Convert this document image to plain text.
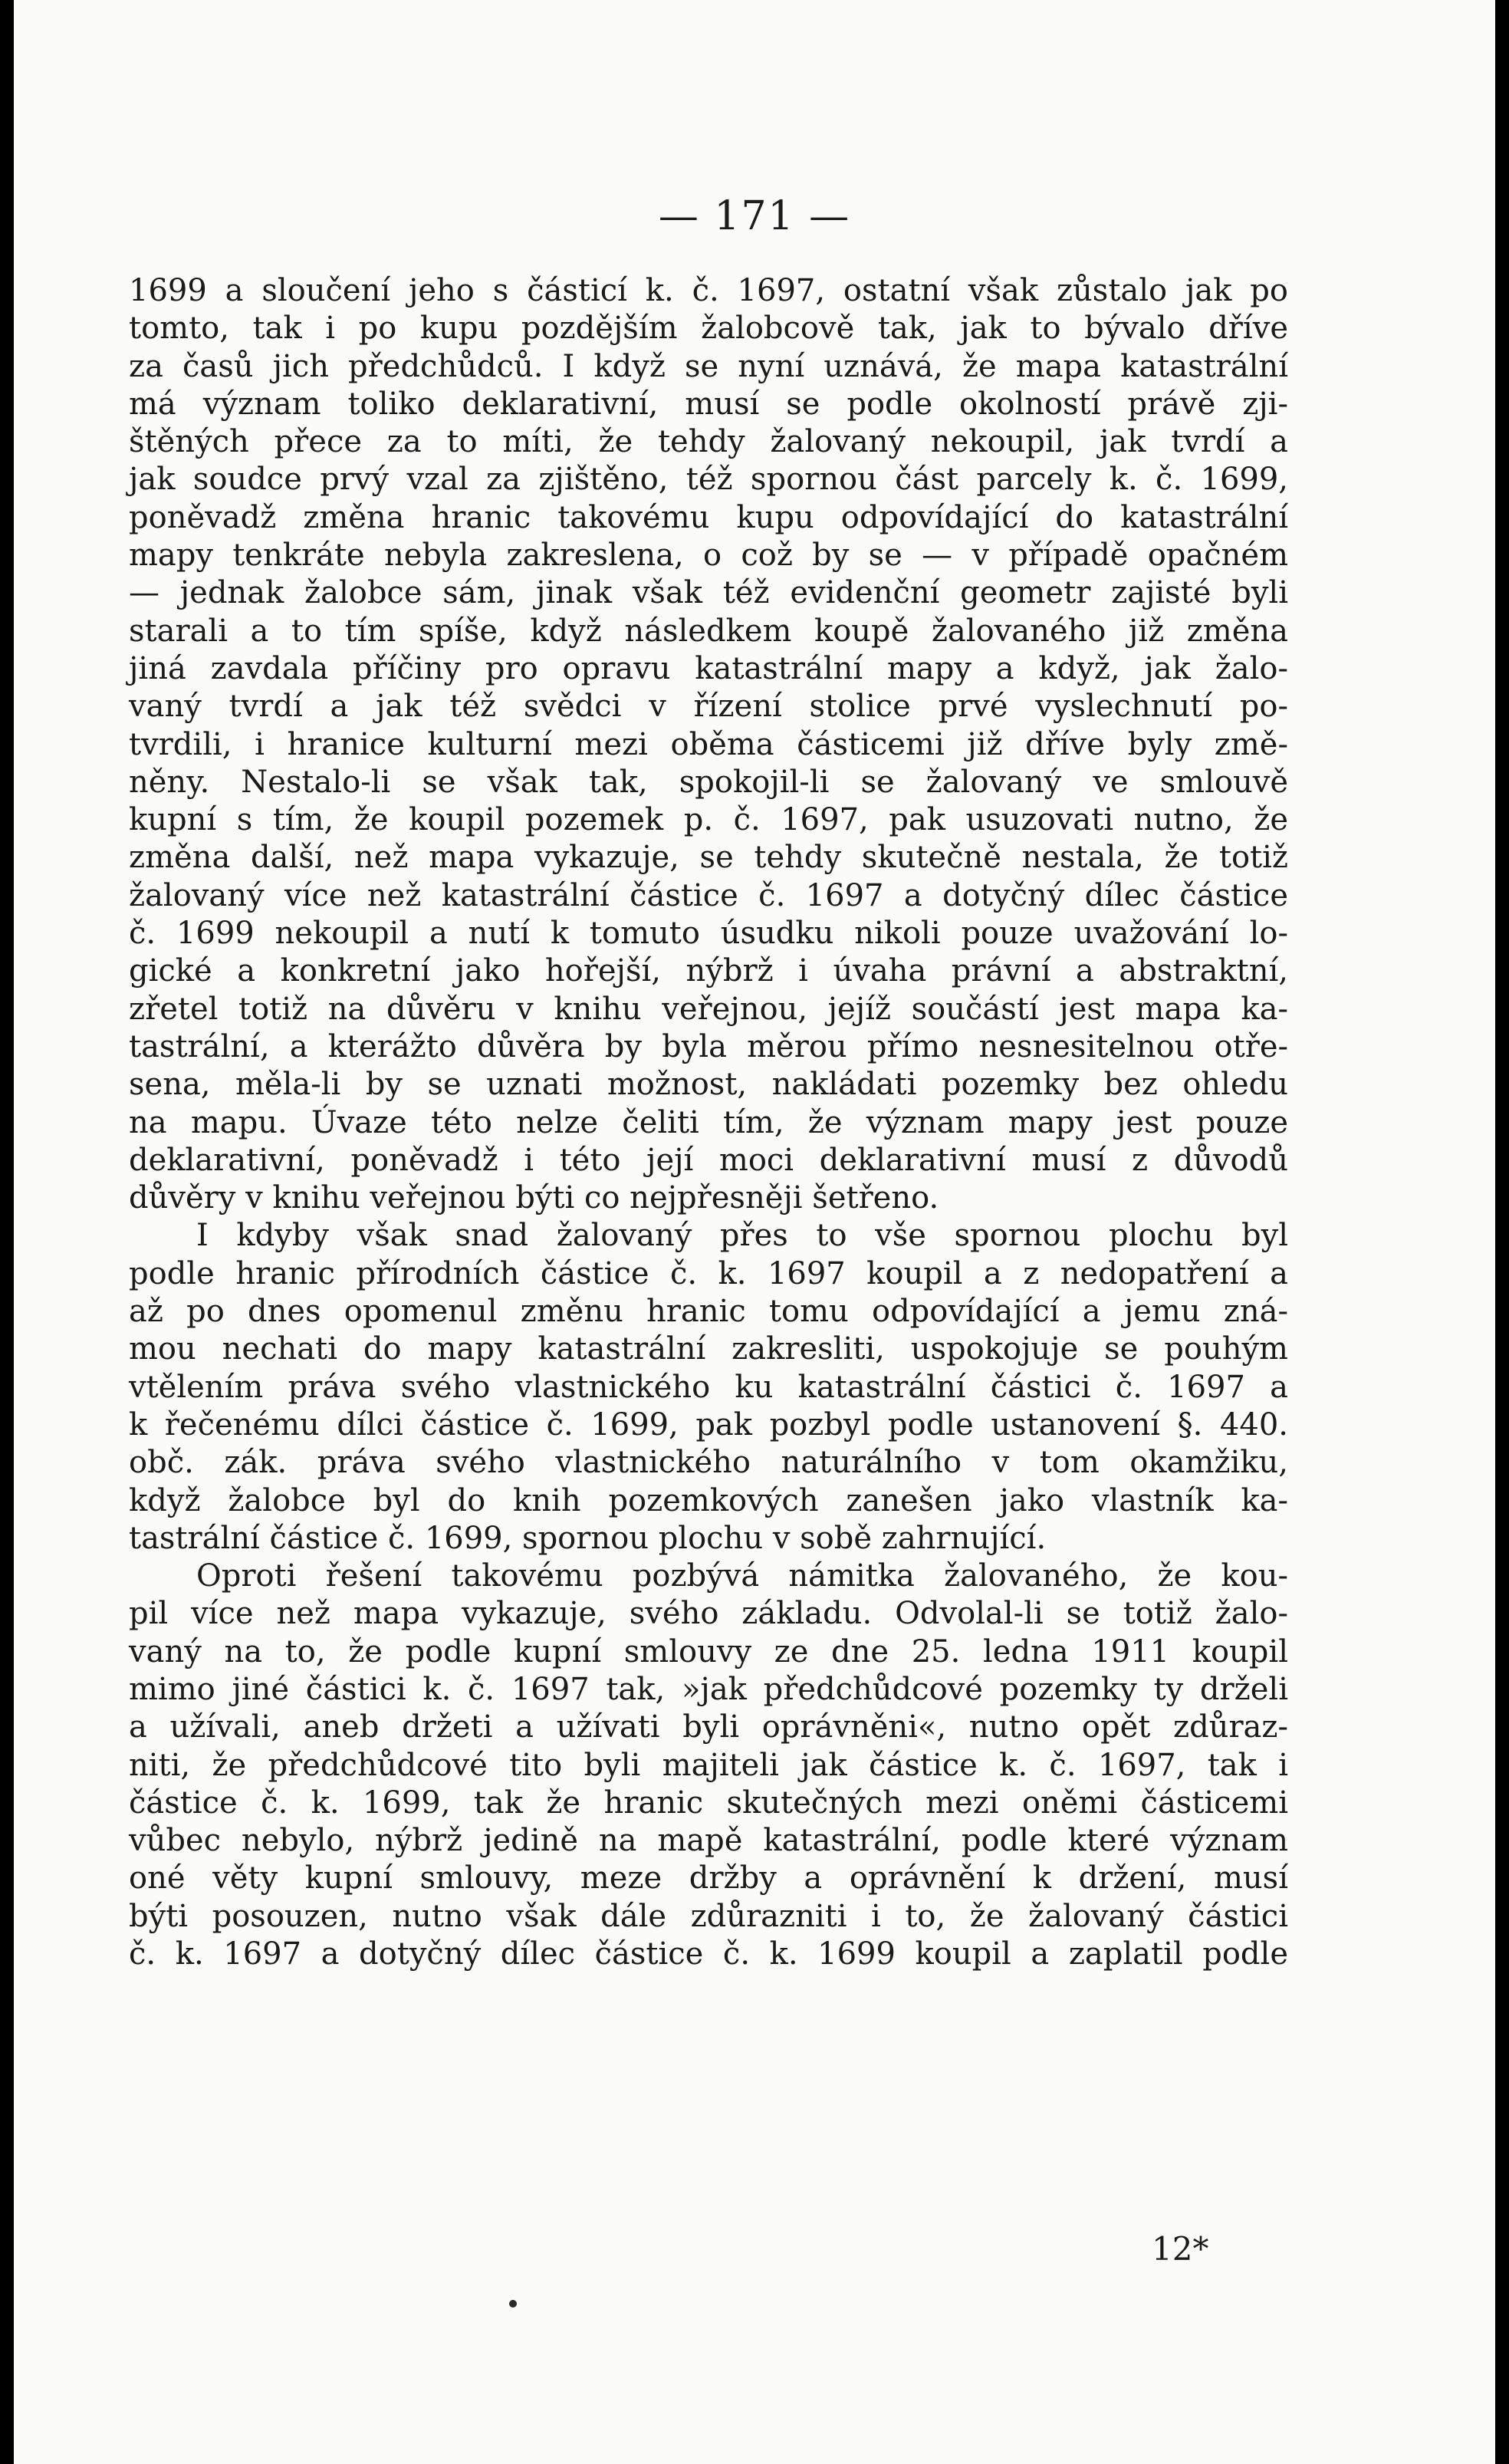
— 171 —

1699 a sloučení jeho s částicí k. č. 1697, ostatní však zůstalo jak po
tomto, tak i po kupu pozdějším žalobcově tak, jak to bývalo dříve
za časů jich předchůdců. I když se nyní uznává, že mapa katastrální
má význam toliko deklarativní, musí se podle okolností právě zji-
štěných přece za to míti, že tehdy žalovaný nekoupil, jak tvrdí a
jak soudce prvý vzal za zjištěno, též spornou část parcely k. č. 1699,
poněvadž změna hranic takovému kupu odpovídající do katastrální
mapy tenkráte nebyla zakreslena, o což by se — v případě opačném
— jednak žalobce sám, jinak však též evidenční geometr zajisté byli
starali a to tím spíše, když následkem koupě žalovaného již změna
jiná zavdala příčiny pro opravu katastrální mapy a když, jak žalo-
vaný tvrdí a jak též svědci v řízení stolice prvé vyslechnutí po-
tvrdili, i hranice kulturní mezi oběma částicemi již dříve byly změ-
něny. Nestalo-li se však tak, spokojil-li se žalovaný ve smlouvě
kupní s tím, že koupil pozemek p. č. 1697, pak usuzovati nutno, že
změna další, než mapa vykazuje, se tehdy skutečně nestala, že totiž
žalovaný více než katastrální částice č. 1697 a dotyčný dílec částice
č. 1699 nekoupil a nutí k tomuto úsudku nikoli pouze uvažování lo-
gické a konkretní jako hořejší, nýbrž i úvaha právní a abstraktní,
zřetel totiž na důvěru v knihu veřejnou, jejíž součástí jest mapa ka-
tastrální, a kterážto důvěra by byla měrou přímo nesnesitelnou otře-
sena, měla-li by se uznati možnost, nakládati pozemky bez ohledu
na mapu. Úvaze této nelze čeliti tím, že význam mapy jest pouze
deklarativní, poněvadž i této její moci deklarativní musí z důvodů
důvěry v knihu veřejnou býti co nejpřesněji šetřeno.
I kdyby však snad žalovaný přes to vše spornou plochu byl
podle hranic přírodních částice č. k. 1697 koupil a z nedopatření a
až po dnes opomenul změnu hranic tomu odpovídající a jemu zná-
mou nechati do mapy katastrální zakresliti, uspokojuje se pouhým
vtělením práva svého vlastnického ku katastrální částici č. 1697 a
k řečenému dílci částice č. 1699, pak pozbyl podle ustanovení §. 440.
obč. zák. práva svého vlastnického naturálního v tom okamžiku,
když žalobce byl do knih pozemkových zanešen jako vlastník ka-
tastrální částice č. 1699, spornou plochu v sobě zahrnující.
Oproti řešení takovému pozbývá námitka žalovaného, že kou-
pil více než mapa vykazuje, svého základu. Odvolal-li se totiž žalo-
vaný na to, že podle kupní smlouvy ze dne 25. ledna 1911 koupil
mimo jiné částici k. č. 1697 tak, »jak předchůdcové pozemky ty drželi
a užívali, aneb držeti a užívati byli oprávněni«, nutno opět zdůraz-
niti, že předchůdcové tito byli majiteli jak částice k. č. 1697, tak i
částice č. k. 1699, tak že hranic skutečných mezi oněmi částicemi
vůbec nebylo, nýbrž jedině na mapě katastrální, podle které význam
oné věty kupní smlouvy, meze držby a oprávnění k držení, musí
býti posouzen, nutno však dále zdůrazniti i to, že žalovaný částici
č. k. 1697 a dotyčný dílec částice č. k. 1699 koupil a zaplatil podle

12*
